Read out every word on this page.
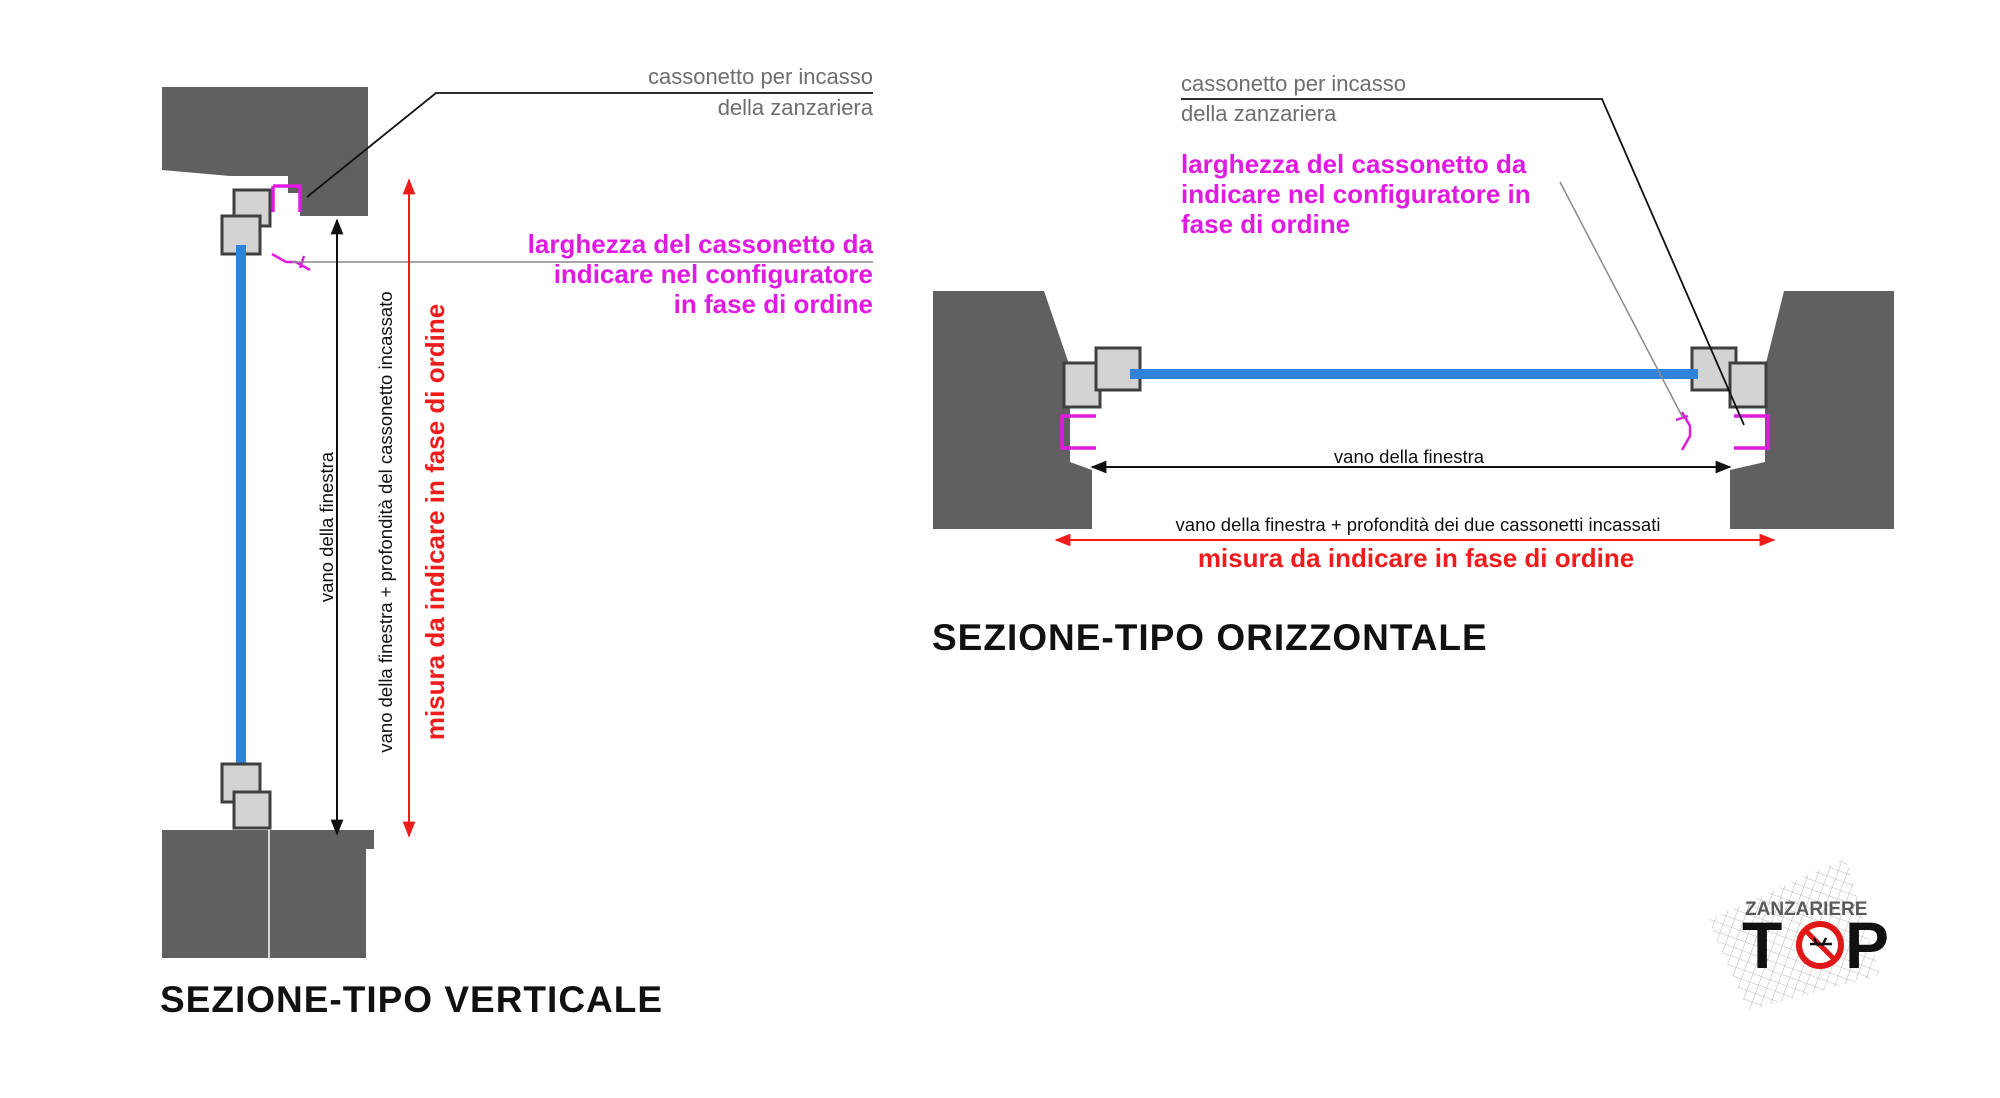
cassonetto per incasso
della zanzariera
larghezza del cassonetto da
indicare nel configuratore
in fase di ordine
vano della finestra vano della finestra + profondità del cassonetto incassato misura da indicare in fase di ordine
SEZIONE-TIPO VERTICALE
cassonetto per incasso
della zanzariera
larghezza del cassonetto da
indicare nel configuratore in
fase di ordine
vano della finestra
vano della finestra + profondità dei due cassonetti incassati
misura da indicare in fase di ordine
SEZIONE-TIPO ORIZZONTALE
ZANZARIERE
T P
